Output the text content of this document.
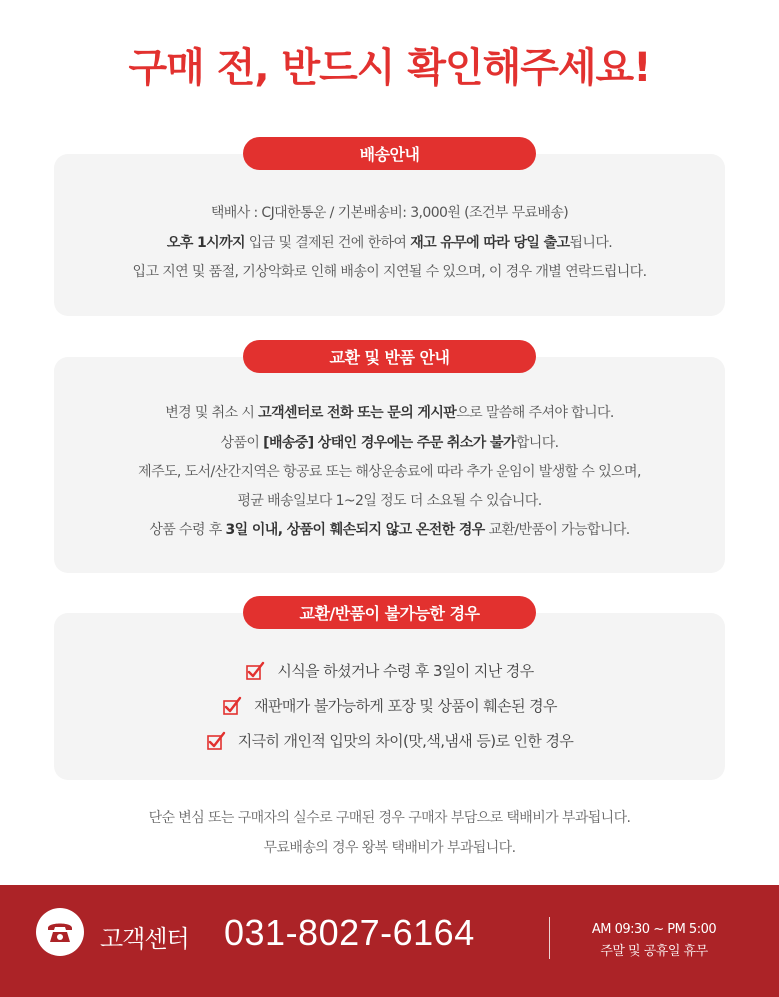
구매 전, 반드시 확인해주세요!
배송안내
택배사 : CJ대한통운 / 기본배송비: 3,000원 (조건부 무료배송)
오후 1시까지 입금 및 결제된 건에 한하여 재고 유무에 따라 당일 출고됩니다.
입고 지연 및 품절, 기상악화로 인해 배송이 지연될 수 있으며, 이 경우 개별 연락드립니다.
교환 및 반품 안내
변경 및 취소 시 고객센터로 전화 또는 문의 게시판으로 말씀해 주셔야 합니다.
상품이 [배송중] 상태인 경우에는 주문 취소가 불가합니다.
제주도, 도서/산간지역은 항공료 또는 해상운송료에 따라 추가 운임이 발생할 수 있으며,
평균 배송일보다 1~2일 정도 더 소요될 수 있습니다.
상품 수령 후 3일 이내, 상품이 훼손되지 않고 온전한 경우 교환/반품이 가능합니다.
교환/반품이 불가능한 경우
시식을 하셨거나 수령 후 3일이 지난 경우
재판매가 불가능하게 포장 및 상품이 훼손된 경우
지극히 개인적 입맛의 차이(맛,색,냄새 등)로 인한 경우
단순 변심 또는 구매자의 실수로 구매된 경우 구매자 부담으로 택배비가 부과됩니다.
무료배송의 경우 왕복 택배비가 부과됩니다.
고객센터 031-8027-6164	AM 09:30 ~ PM 5:00
주말 및 공휴일 휴무
